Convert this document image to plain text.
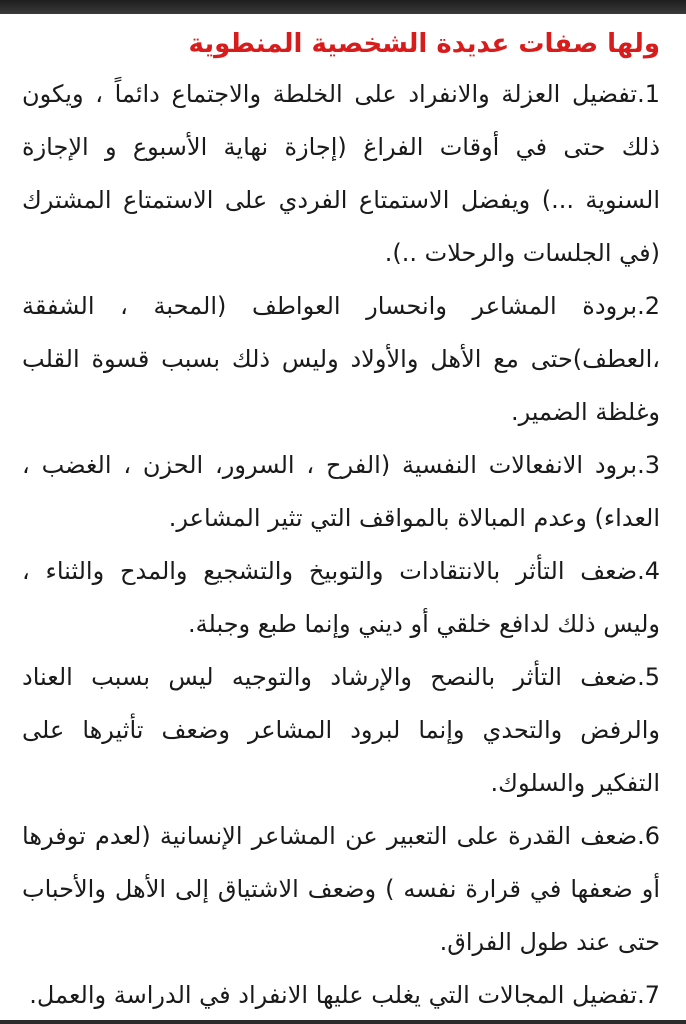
ولها صفات عديدة الشخصية المنطوية

1.تفضيل العزلة والانفراد على الخلطة والاجتماع دائماً ، ويكون ذلك حتى في أوقات الفراغ (إجازة نهاية الأسبوع و الإجازة السنوية ...) ويفضل الاستمتاع الفردي على الاستمتاع المشترك (في الجلسات والرحلات ..).

2.برودة المشاعر وانحسار العواطف (المحبة ، الشفقة ،العطف)حتى مع الأهل والأولاد وليس ذلك بسبب قسوة القلب وغلظة الضمير.

3.برود الانفعالات النفسية (الفرح ، السرور، الحزن ، الغضب ، العداء) وعدم المبالاة بالمواقف التي تثير المشاعر.

4.ضعف التأثر بالانتقادات والتوبيخ والتشجيع والمدح والثناء ، وليس ذلك لدافع خلقي أو ديني وإنما طبع وجبلة.

5.ضعف التأثر بالنصح والإرشاد والتوجيه ليس بسبب العناد والرفض والتحدي وإنما لبرود المشاعر وضعف تأثيرها على التفكير والسلوك.

6.ضعف القدرة على التعبير عن المشاعر الإنسانية (لعدم توفرها أو ضعفها في قرارة نفسه ) وضعف الاشتياق إلى الأهل والأحباب حتى عند طول الفراق.

7.تفضيل المجالات التي يغلب عليها الانفراد في الدراسة والعمل.
